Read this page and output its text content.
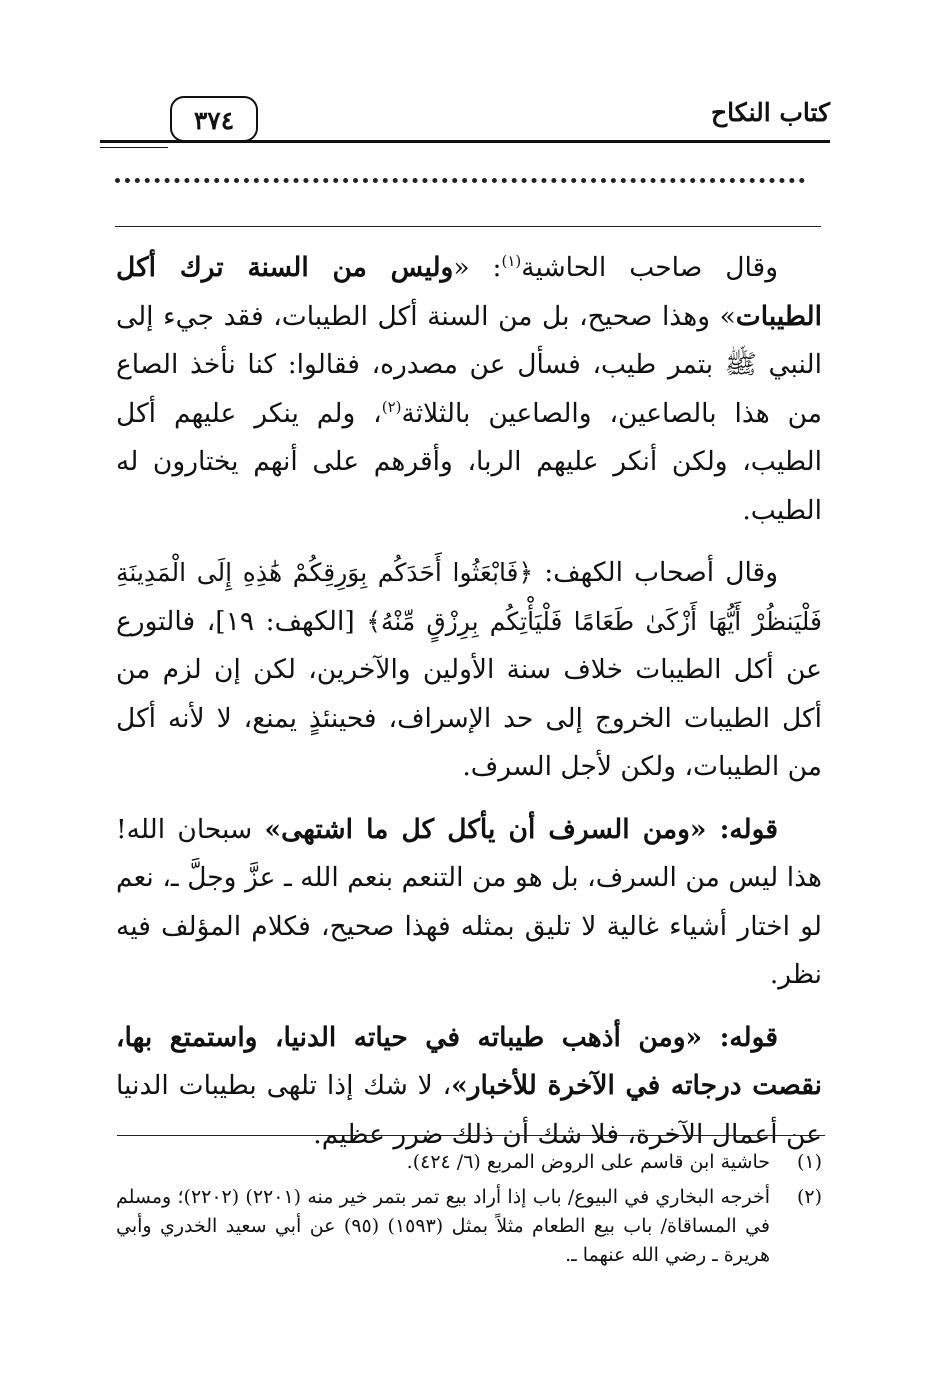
كتاب النكاح
٣٧٤

وقال صاحب الحاشية$^{(١)}$: «وليس من السنة ترك أكل الطيبات» وهذا صحيح، بل من السنة أكل الطيبات، فقد جيء إلى النبي ﷺ بتمر طيب، فسأل عن مصدره، فقالوا: كنا نأخذ الصاع من هذا بالصاعين، والصاعين بالثلاثة$^{(٢)}$، ولم ينكر عليهم أكل الطيب، ولكن أنكر عليهم الربا، وأقرهم على أنهم يختارون له الطيب.

وقال أصحاب الكهف: ﴿فَابْعَثُوا أَحَدَكُم بِوَرِقِكُمْ هَٰذِهِ إِلَى الْمَدِينَةِ فَلْيَنظُرْ أَيُّهَا أَزْكَىٰ طَعَامًا فَلْيَأْتِكُم بِرِزْقٍ مِّنْهُ﴾ [الكهف: ١٩]، فالتورع عن أكل الطيبات خلاف سنة الأولين والآخرين، لكن إن لزم من أكل الطيبات الخروج إلى حد الإسراف، فحينئذٍ يمنع، لا لأنه أكل من الطيبات، ولكن لأجل السرف.

قوله: «ومن السرف أن يأكل كل ما اشتهى» سبحان الله! هذا ليس من السرف، بل هو من التنعم بنعم الله ـ عزَّ وجلَّ ـ، نعم لو اختار أشياء غالية لا تليق بمثله فهذا صحيح، فكلام المؤلف فيه نظر.

قوله: «ومن أذهب طيباته في حياته الدنيا، واستمتع بها، نقصت درجاته في الآخرة للأخبار»، لا شك إذا تلهى بطيبات الدنيا عن أعمال الآخرة، فلا شك أن ذلك ضرر عظيم.

(١)
حاشية ابن قاسم على الروض المربع (٦/ ٤٢٤).
(٢)
أخرجه البخاري في البيوع/ باب إذا أراد بيع تمر بتمر خير منه (٢٢٠١) (٢٢٠٢)؛ ومسلم في المساقاة/ باب بيع الطعام مثلاً بمثل (١٥٩٣) (٩٥) عن أبي سعيد الخدري وأبي هريرة ـ رضي الله عنهما ـ.
